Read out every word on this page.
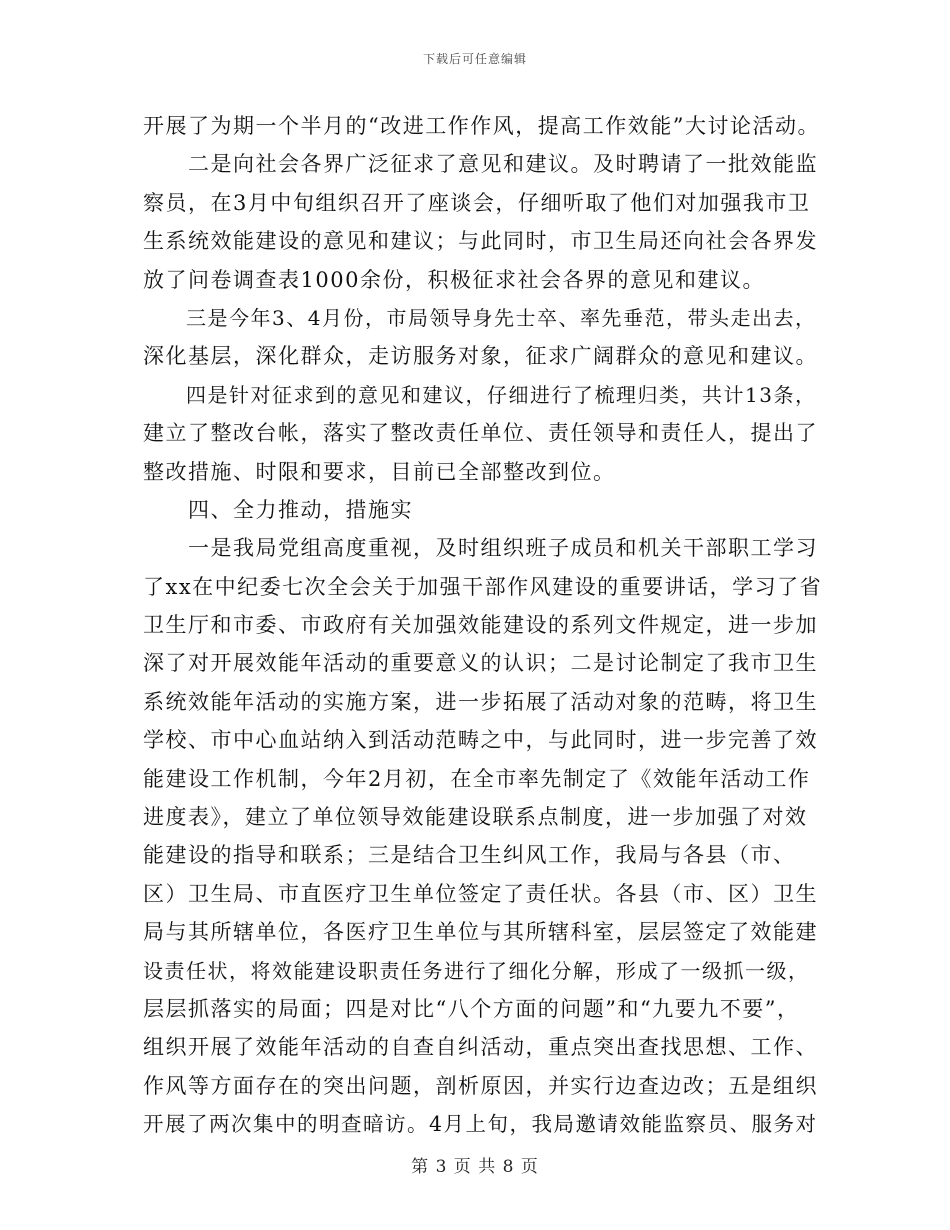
下载后可任意编辑
开展了为期一个半月的“改进工作作风，提高工作效能”大讨论活动。
　　二是向社会各界广泛征求了意见和建议。及时聘请了一批效能监
察员，在3月中旬组织召开了座谈会，仔细听取了他们对加强我市卫
生系统效能建设的意见和建议；与此同时，市卫生局还向社会各界发
放了问卷调查表1000余份，积极征求社会各界的意见和建议。
　　三是今年3、4月份，市局领导身先士卒、率先垂范，带头走出去，
深化基层，深化群众，走访服务对象，征求广阔群众的意见和建议。
　　四是针对征求到的意见和建议，仔细进行了梳理归类，共计13条，
建立了整改台帐，落实了整改责任单位、责任领导和责任人，提出了
整改措施、时限和要求，目前已全部整改到位。
　　四、全力推动，措施实
　　一是我局党组高度重视，及时组织班子成员和机关干部职工学习
了xx在中纪委七次全会关于加强干部作风建设的重要讲话，学习了省
卫生厅和市委、市政府有关加强效能建设的系列文件规定，进一步加
深了对开展效能年活动的重要意义的认识；二是讨论制定了我市卫生
系统效能年活动的实施方案，进一步拓展了活动对象的范畴，将卫生
学校、市中心血站纳入到活动范畴之中，与此同时，进一步完善了效
能建设工作机制，今年2月初，在全市率先制定了《效能年活动工作
进度表》，建立了单位领导效能建设联系点制度，进一步加强了对效
能建设的指导和联系；三是结合卫生纠风工作，我局与各县（市、
区）卫生局、市直医疗卫生单位签定了责任状。各县（市、区）卫生
局与其所辖单位，各医疗卫生单位与其所辖科室，层层签定了效能建
设责任状，将效能建设职责任务进行了细化分解，形成了一级抓一级，
层层抓落实的局面；四是对比“八个方面的问题”和“九要九不要”，
组织开展了效能年活动的自查自纠活动，重点突出查找思想、工作、
作风等方面存在的突出问题，剖析原因，并实行边查边改；五是组织
开展了两次集中的明查暗访。4月上旬，我局邀请效能监察员、服务对
第 3 页 共 8 页
